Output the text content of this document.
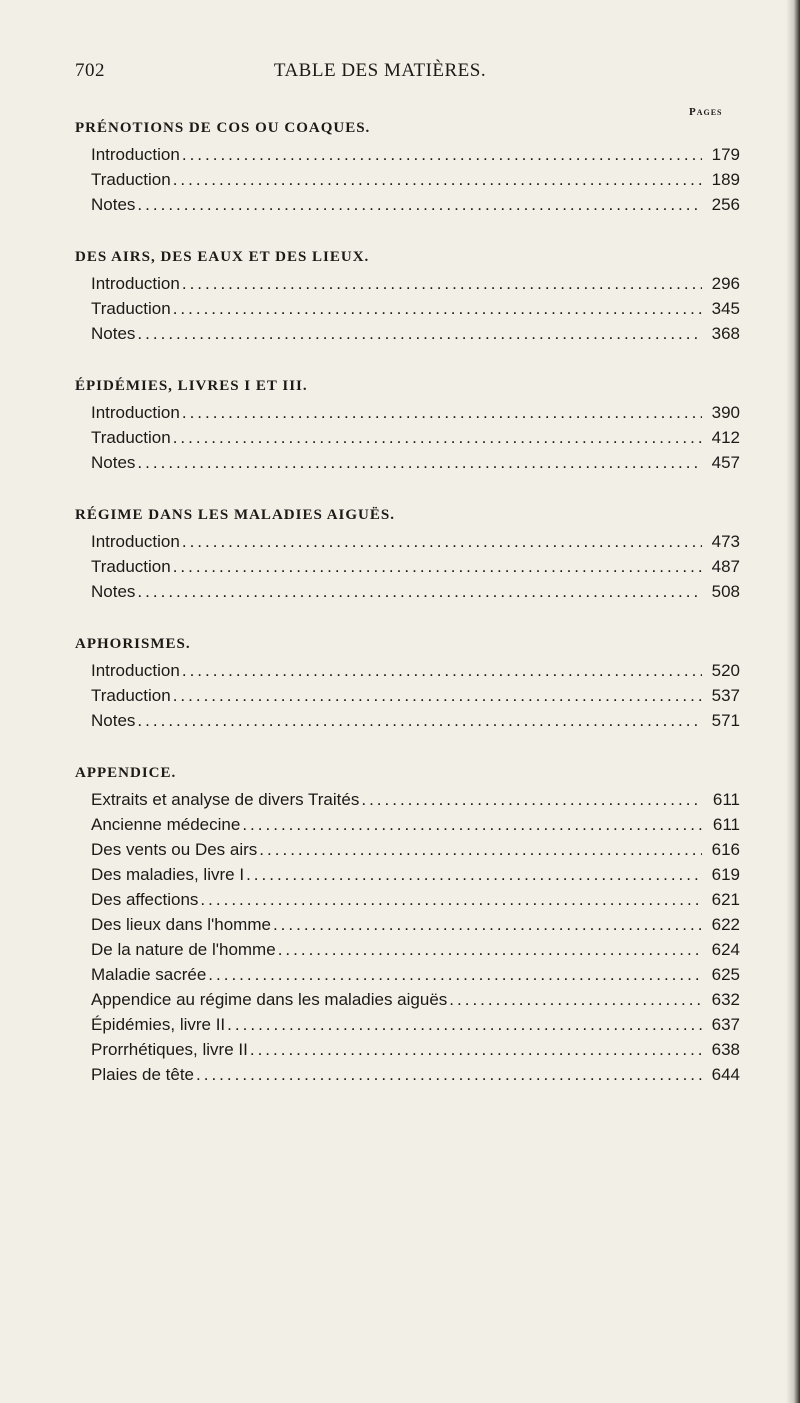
702	TABLE DES MATIÈRES.
Pages
PRÉNOTIONS DE COS OU COAQUES.
Introduction .....	179
Traduction .....	189
Notes .....	256
DES AIRS, DES EAUX ET DES LIEUX.
Introduction .....	296
Traduction .....	345
Notes .....	368
ÉPIDÉMIES, LIVRES I ET III.
Introduction .....	390
Traduction .....	412
Notes .....	457
RÉGIME DANS LES MALADIES AIGUËS.
Introduction .....	473
Traduction .....	487
Notes .....	508
APHORISMES.
Introduction .....	520
Traduction .....	537
Notes .....	571
APPENDICE.
Extraits et analyse de divers Traités .....	611
Ancienne médecine .....	611
Des vents ou Des airs .....	616
Des maladies, livre I .....	619
Des affections .....	621
Des lieux dans l'homme .....	622
De la nature de l'homme .....	624
Maladie sacrée .....	625
Appendice au régime dans les maladies aiguës .....	632
Épidémies, livre II .....	637
Prorrhétiques, livre II .....	638
Plaies de tête .....	644
